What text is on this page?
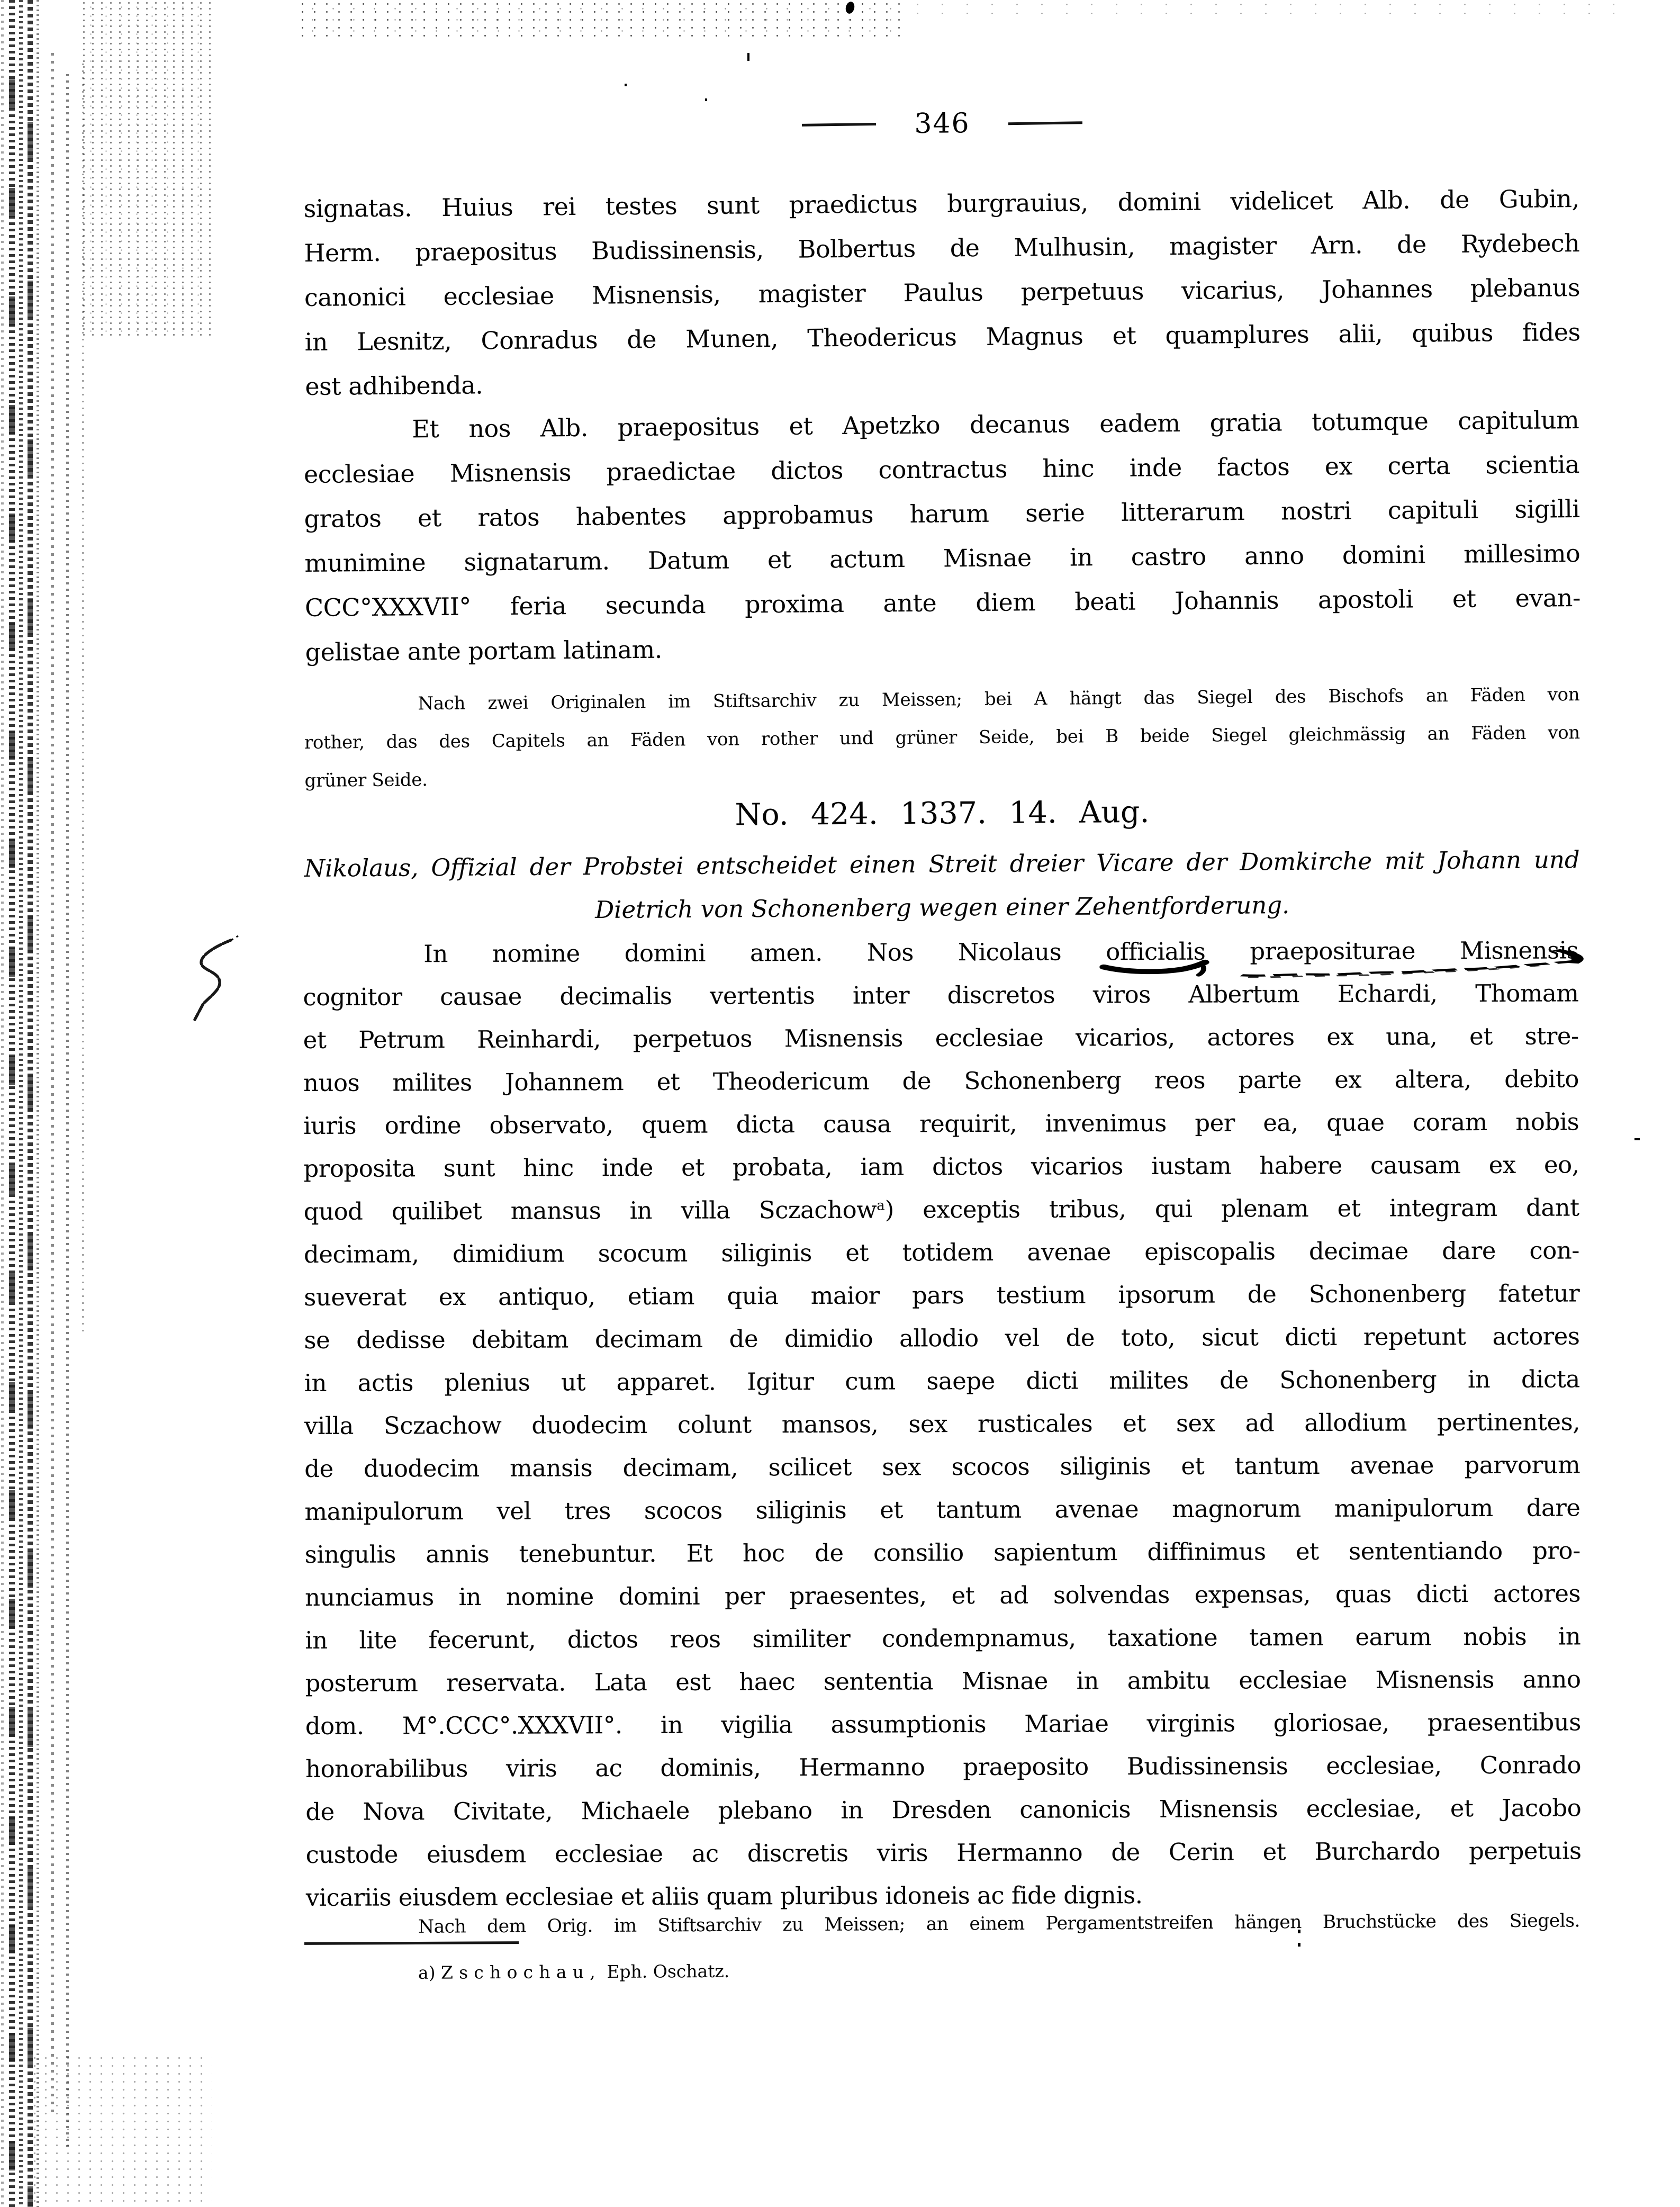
346
signatas. Huius rei testes sunt praedictus burgrauius, domini videlicet Alb. de Gubin,
Herm. praepositus Budissinensis, Bolbertus de Mulhusin, magister Arn. de Rydebech
canonici ecclesiae Misnensis, magister Paulus perpetuus vicarius, Johannes plebanus
in Lesnitz, Conradus de Munen, Theodericus Magnus et quamplures alii, quibus fides
est adhibenda.
Et nos Alb. praepositus et Apetzko decanus eadem gratia totumque capitulum
ecclesiae Misnensis praedictae dictos contractus hinc inde factos ex certa scientia
gratos et ratos habentes approbamus harum serie litterarum nostri capituli sigilli
munimine signatarum. Datum et actum Misnae in castro anno domini millesimo
CCC°XXXVII° feria secunda proxima ante diem beati Johannis apostoli et evan-
gelistae ante portam latinam.
Nach zwei Originalen im Stiftsarchiv zu Meissen; bei A hängt das Siegel des Bischofs an Fäden von
rother, das des Capitels an Fäden von rother und grüner Seide, bei B beide Siegel gleichmässig an Fäden von
grüner Seide.
No. 424. 1337. 14. Aug.
Nikolaus, Offizial der Probstei entscheidet einen Streit dreier Vicare der Domkirche mit Johann und
Dietrich von Schonenberg wegen einer Zehentforderung.
In nomine domini amen. Nos Nicolaus officialis praepositurae Misnensis
cognitor causae decimalis vertentis inter discretos viros Albertum Echardi, Thomam
et Petrum Reinhardi, perpetuos Misnensis ecclesiae vicarios, actores ex una, et stre-
nuos milites Johannem et Theodericum de Schonenberg reos parte ex altera, debito
iuris ordine observato, quem dicta causa requirit, invenimus per ea, quae coram nobis
proposita sunt hinc inde et probata, iam dictos vicarios iustam habere causam ex eo,
quod quilibet mansus in villa Sczachow$^a$) exceptis tribus, qui plenam et integram dant
decimam, dimidium scocum siliginis et totidem avenae episcopalis decimae dare con-
sueverat ex antiquo, etiam quia maior pars testium ipsorum de Schonenberg fatetur
se dedisse debitam decimam de dimidio allodio vel de toto, sicut dicti repetunt actores
in actis plenius ut apparet. Igitur cum saepe dicti milites de Schonenberg in dicta
villa Sczachow duodecim colunt mansos, sex rusticales et sex ad allodium pertinentes,
de duodecim mansis decimam, scilicet sex scocos siliginis et tantum avenae parvorum
manipulorum vel tres scocos siliginis et tantum avenae magnorum manipulorum dare
singulis annis tenebuntur. Et hoc de consilio sapientum diffinimus et sententiando pro-
nunciamus in nomine domini per praesentes, et ad solvendas expensas, quas dicti actores
in lite fecerunt, dictos reos similiter condempnamus, taxatione tamen earum nobis in
posterum reservata. Lata est haec sententia Misnae in ambitu ecclesiae Misnensis anno
dom. M°.CCC°.XXXVII°. in vigilia assumptionis Mariae virginis gloriosae, praesentibus
honorabilibus viris ac dominis, Hermanno praeposito Budissinensis ecclesiae, Conrado
de Nova Civitate, Michaele plebano in Dresden canonicis Misnensis ecclesiae, et Jacobo
custode eiusdem ecclesiae ac discretis viris Hermanno de Cerin et Burchardo perpetuis
vicariis eiusdem ecclesiae et aliis quam pluribus idoneis ac fide dignis.
Nach dem Orig. im Stiftsarchiv zu Meissen; an einem Pergamentstreifen hängen Bruchstücke des Siegels.
a) Zschochau, Eph. Oschatz.
